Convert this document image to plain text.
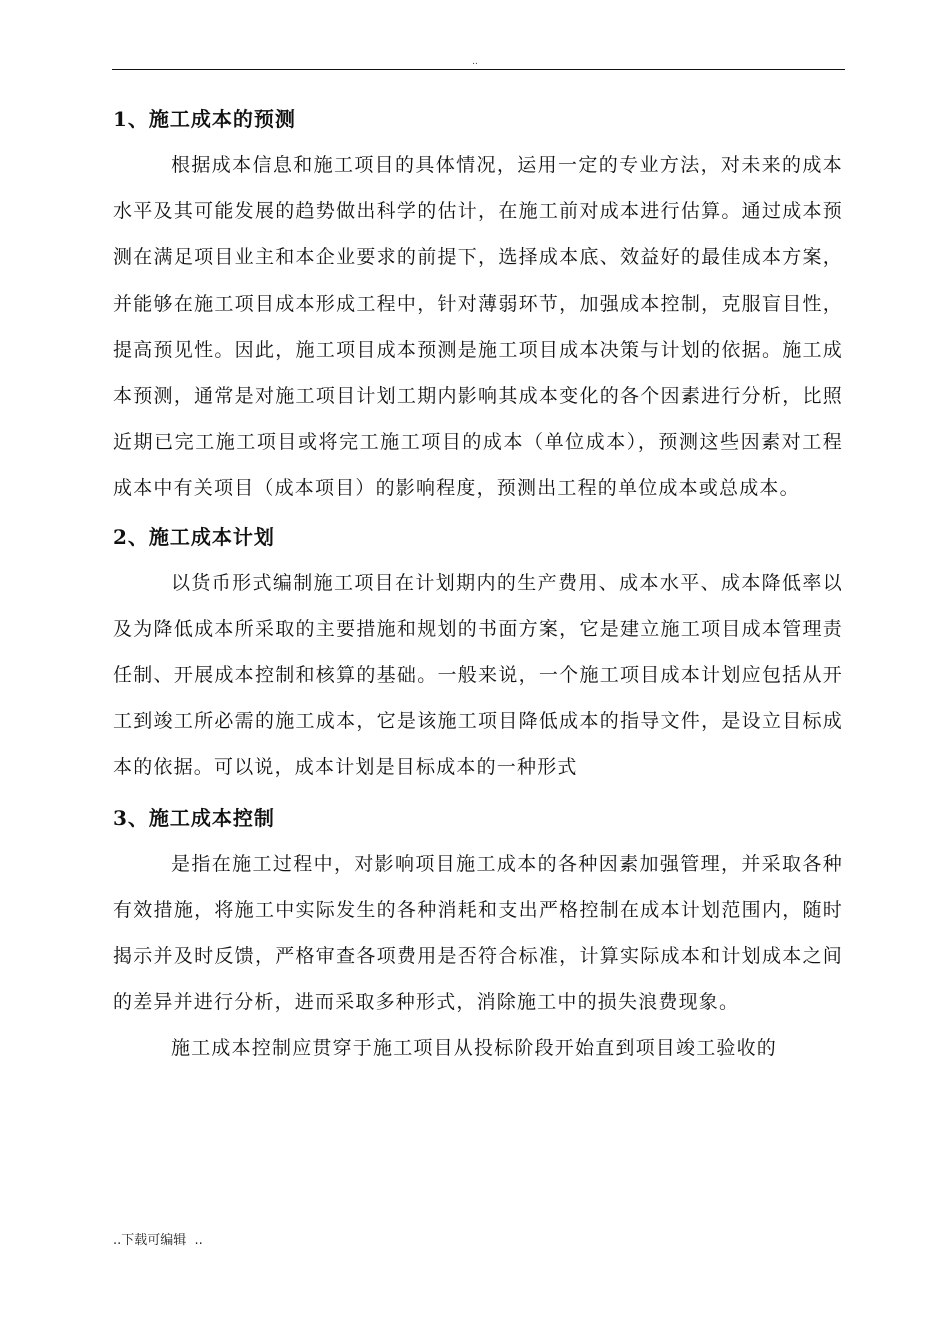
..
1、施工成本的预测

根据成本信息和施工项目的具体情况，运用一定的专业方法，对未来的成本水平及其可能发展的趋势做出科学的估计，在施工前对成本进行估算。通过成本预测在满足项目业主和本企业要求的前提下，选择成本底、效益好的最佳成本方案，并能够在施工项目成本形成工程中，针对薄弱环节，加强成本控制，克服盲目性，提高预见性。因此，施工项目成本预测是施工项目成本决策与计划的依据。施工成本预测，通常是对施工项目计划工期内影响其成本变化的各个因素进行分析，比照近期已完工施工项目或将完工施工项目的成本（单位成本），预测这些因素对工程成本中有关项目（成本项目）的影响程度，预测出工程的单位成本或总成本。

2、施工成本计划

以货币形式编制施工项目在计划期内的生产费用、成本水平、成本降低率以及为降低成本所采取的主要措施和规划的书面方案，它是建立施工项目成本管理责任制、开展成本控制和核算的基础。一般来说，一个施工项目成本计划应包括从开工到竣工所必需的施工成本，它是该施工项目降低成本的指导文件，是设立目标成本的依据。可以说，成本计划是目标成本的一种形式

3、施工成本控制

是指在施工过程中，对影响项目施工成本的各种因素加强管理，并采取各种有效措施，将施工中实际发生的各种消耗和支出严格控制在成本计划范围内，随时揭示并及时反馈，严格审查各项费用是否符合标准，计算实际成本和计划成本之间的差异并进行分析，进而采取多种形式，消除施工中的损失浪费现象。

施工成本控制应贯穿于施工项目从投标阶段开始直到项目竣工验收的

..下载可编辑  ..
